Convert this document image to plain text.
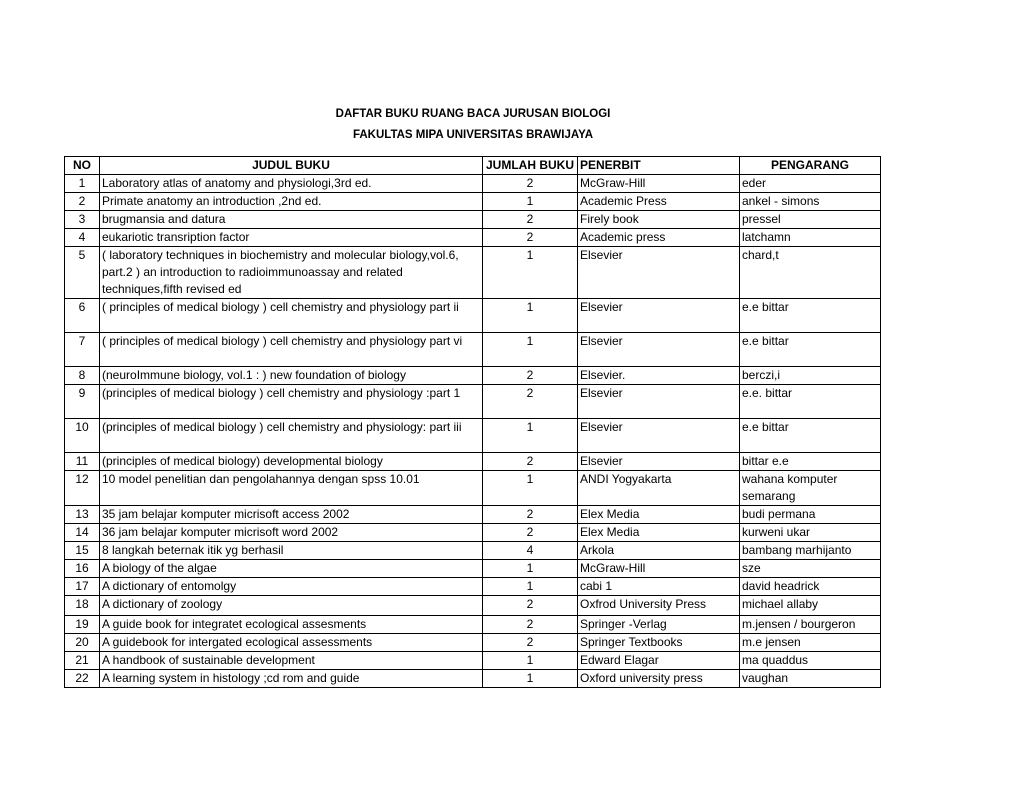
DAFTAR BUKU RUANG BACA JURUSAN BIOLOGI
FAKULTAS MIPA UNIVERSITAS BRAWIJAYA
NO	JUDUL BUKU	JUMLAH BUKU	PENERBIT	PENGARANG
1	Laboratory atlas of anatomy and physiologi,3rd ed.	2	McGraw-Hill	eder
2	Primate anatomy an introduction ,2nd ed.	1	Academic Press	ankel - simons
3	brugmansia and datura	2	Firely book	pressel
4	eukariotic transription factor	2	Academic press	latchamn
5	( laboratory techniques in biochemistry and molecular biology,vol.6, part.2 ) an introduction to radioimmunoassay and related techniques,fifth revised ed	1	Elsevier	chard,t
6	( principles of medical biology ) cell chemistry and physiology part ii	1	Elsevier	e.e bittar
7	( principles of medical biology ) cell chemistry and physiology part vi	1	Elsevier	e.e bittar
8	(neuroImmune biology, vol.1 : ) new foundation of biology	2	Elsevier.	berczi,i
9	(principles of medical biology ) cell chemistry and physiology :part 1	2	Elsevier	e.e. bittar
10	(principles of medical biology ) cell chemistry and physiology: part iii	1	Elsevier	e.e bittar
11	(principles of medical biology) developmental biology	2	Elsevier	bittar e.e
12	10 model penelitian dan pengolahannya dengan spss 10.01	1	ANDI Yogyakarta	wahana komputer semarang
13	35 jam belajar komputer micrisoft access 2002	2	Elex Media	budi permana
14	36 jam belajar komputer micrisoft word 2002	2	Elex Media	kurweni ukar
15	8 langkah beternak itik yg berhasil	4	Arkola	bambang marhijanto
16	A biology of the algae	1	McGraw-Hill	sze
17	A dictionary of entomolgy	1	cabi 1	david headrick
18	A dictionary of zoology	2	Oxfrod University Press	michael allaby
19	A guide book for integratet ecological assesments	2	Springer -Verlag	m.jensen / bourgeron
20	A guidebook for intergated ecological assessments	2	Springer Textbooks	m.e jensen
21	A handbook of sustainable development	1	Edward Elagar	ma quaddus
22	A learning system in histology ;cd rom and guide	1	Oxford university press	vaughan
